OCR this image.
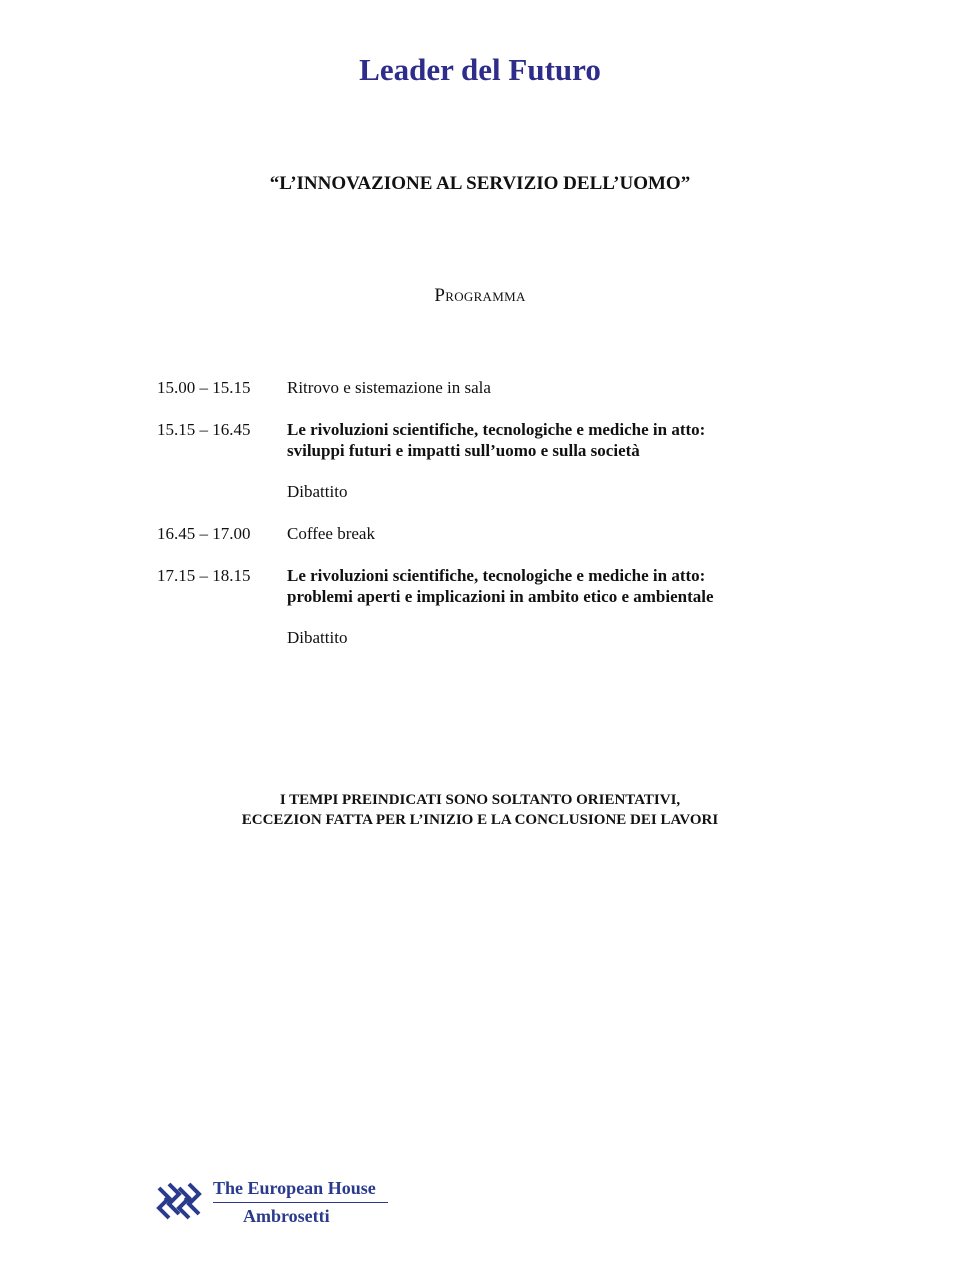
Leader del Futuro
“L’INNOVAZIONE AL SERVIZIO DELL’UOMO”
Programma
15.00 – 15.15	Ritrovo e sistemazione in sala
15.15 – 16.45	Le rivoluzioni scientifiche, tecnologiche e mediche in atto:
sviluppi futuri e impatti sull’uomo e sulla società
Dibattito
16.45 – 17.00	Coffee break
17.15 – 18.15	Le rivoluzioni scientifiche, tecnologiche e mediche in atto:
problemi aperti e implicazioni in ambito etico e ambientale
Dibattito
I TEMPI PREINDICATI SONO SOLTANTO ORIENTATIVI,
ECCEZION FATTA PER L’INIZIO E LA CONCLUSIONE DEI LAVORI
The European House
Ambrosetti
